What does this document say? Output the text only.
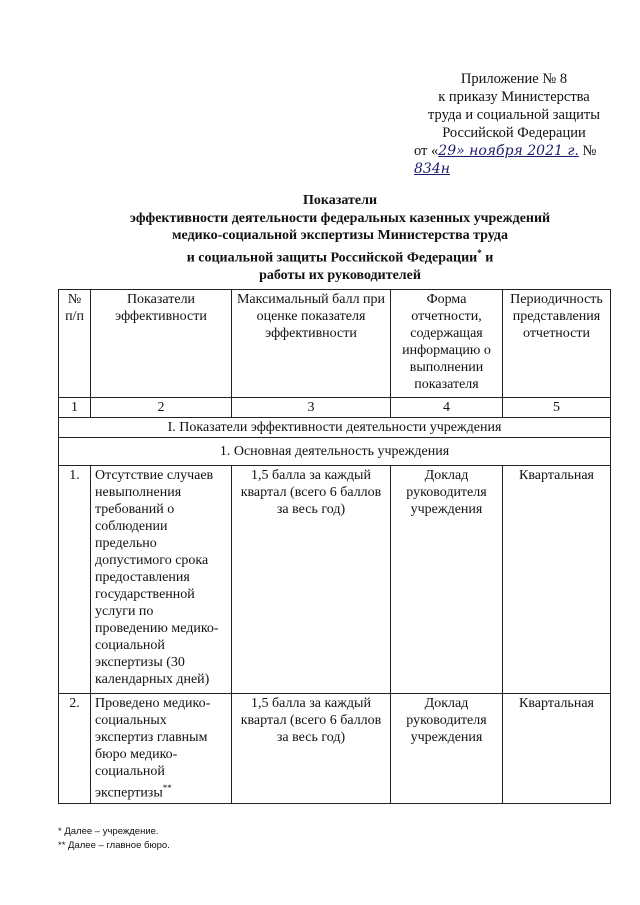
Приложение № 8
к приказу Министерства
труда и социальной защиты
Российской Федерации
от «29» ноября 2021 г. № 834н
Показатели
эффективности деятельности федеральных казенных учреждений
медико-социальной экспертизы Министерства труда
и социальной защиты Российской Федерации* и
работы их руководителей
№ п/п	Показатели эффективности	Максимальный балл при оценке показателя эффективности	Форма отчетности, содержащая информацию о выполнении показателя	Периодичность представления отчетности
1	2	3	4	5
I. Показатели эффективности деятельности учреждения				
1. Основная деятельность учреждения				
1.	Отсутствие случаев невыполнения требований о соблюдении предельно допустимого срока предоставления государственной услуги по проведению медико-социальной экспертизы (30 календарных дней)	1,5 балла за каждый квартал (всего 6 баллов за весь год)	Доклад руководителя учреждения	Квартальная
2.	Проведено медико-социальных экспертиз главным бюро медико-социальной экспертизы**	1,5 балла за каждый квартал (всего 6 баллов за весь год)	Доклад руководителя учреждения	Квартальная
* Далее – учреждение.
** Далее – главное бюро.
